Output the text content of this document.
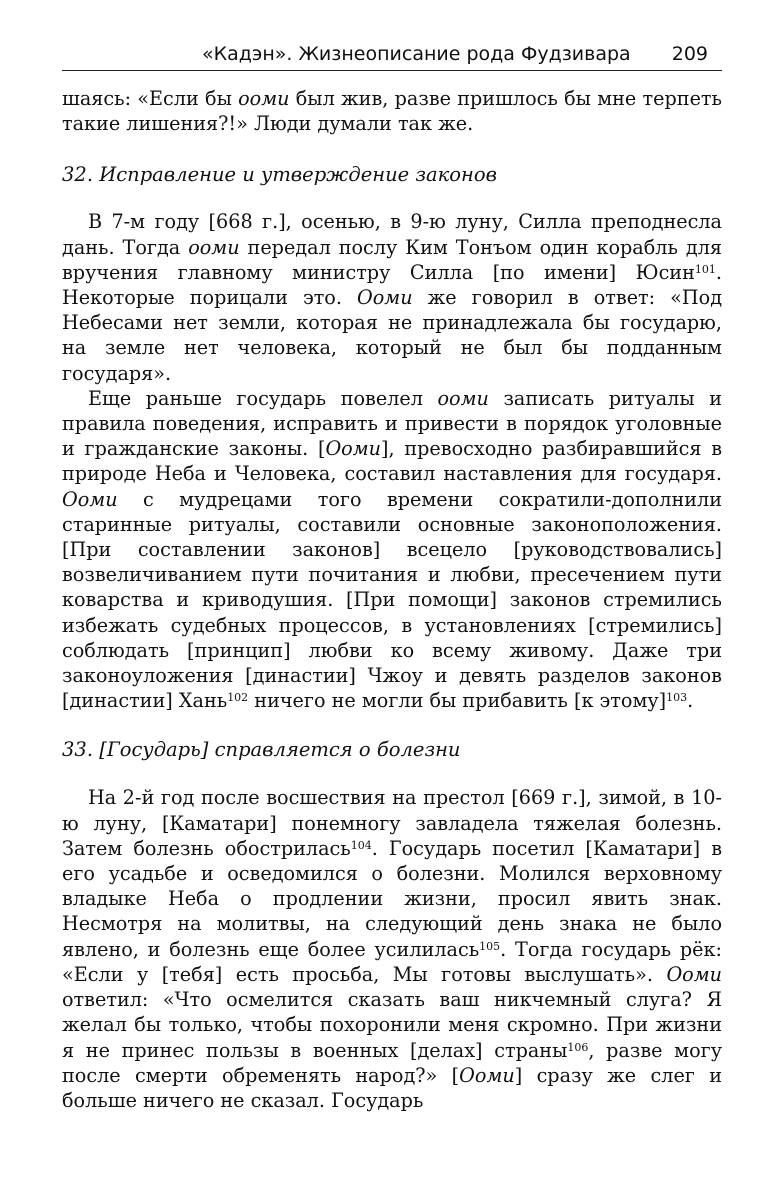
«Кадэн». Жизнеописание рода Фудзивара 209

шаясь: «Если бы ооми был жив, разве пришлось бы мне терпеть такие лишения?!» Люди думали так же.

32. Исправление и утверждение законов

В 7-м году [668 г.], осенью, в 9-ю луну, Силла преподнесла дань. Тогда ооми передал послу Ким Тонъом один корабль для вручения главному министру Силла [по имени] Юсин$^{101}$. Некоторые порицали это. Ооми же говорил в ответ: «Под Небесами нет земли, которая не принадлежала бы государю, на земле нет человека, который не был бы подданным государя».

Еще раньше государь повелел ооми записать ритуалы и правила поведения, исправить и привести в порядок уголовные и гражданские законы. [Ооми], превосходно разбиравшийся в природе Неба и Человека, составил наставления для государя. Ооми с мудрецами того времени сократили-дополнили старинные ритуалы, составили основные законоположения. [При составлении законов] всецело [руководствовались] возвеличиванием пути почитания и любви, пресечением пути коварства и криводушия. [При помощи] законов стремились избежать судебных процессов, в установлениях [стремились] соблюдать [принцип] любви ко всему живому. Даже три законоуложения [династии] Чжоу и девять разделов законов [династии] Хань$^{102}$ ничего не могли бы прибавить [к этому]$^{103}$.

33. [Государь] справляется о болезни

На 2-й год после восшествия на престол [669 г.], зимой, в 10-ю луну, [Каматари] понемногу завладела тяжелая болезнь. Затем болезнь обострилась$^{104}$. Государь посетил [Каматари] в его усадьбе и осведомился о болезни. Молился верховному владыке Неба о продлении жизни, просил явить знак. Несмотря на молитвы, на следующий день знака не было явлено, и болезнь еще более усилилась$^{105}$. Тогда государь рёк: «Если у [тебя] есть просьба, Мы готовы выслушать». Ооми ответил: «Что осмелится сказать ваш никчемный слуга? Я желал бы только, чтобы похоронили меня скромно. При жизни я не принес пользы в военных [делах] страны$^{106}$, разве могу после смерти обременять народ?» [Ооми] сразу же слег и больше ничего не сказал. Государь
